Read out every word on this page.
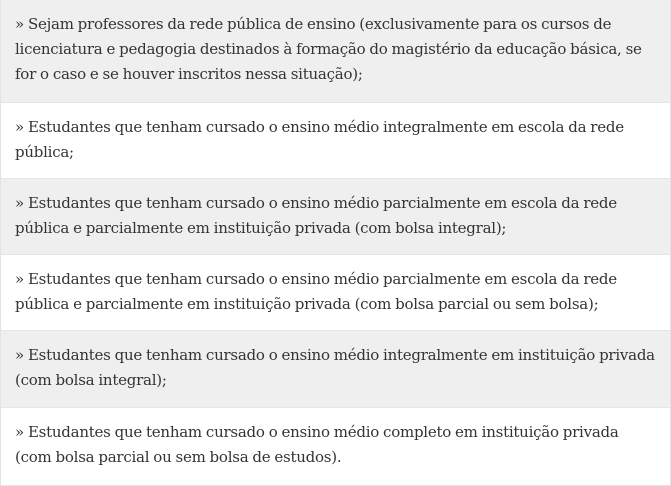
» Sejam professores da rede pública de ensino (exclusivamente para os cursos de licenciatura e pedagogia destinados à formação do magistério da educação básica, se for o caso e se houver inscritos nessa situação);
» Estudantes que tenham cursado o ensino médio integralmente em escola da rede pública;
» Estudantes que tenham cursado o ensino médio parcialmente em escola da rede pública e parcialmente em instituição privada (com bolsa integral);
» Estudantes que tenham cursado o ensino médio parcialmente em escola da rede pública e parcialmente em instituição privada (com bolsa parcial ou sem bolsa);
» Estudantes que tenham cursado o ensino médio integralmente em instituição privada (com bolsa integral);
» Estudantes que tenham cursado o ensino médio completo em instituição privada (com bolsa parcial ou sem bolsa de estudos).
